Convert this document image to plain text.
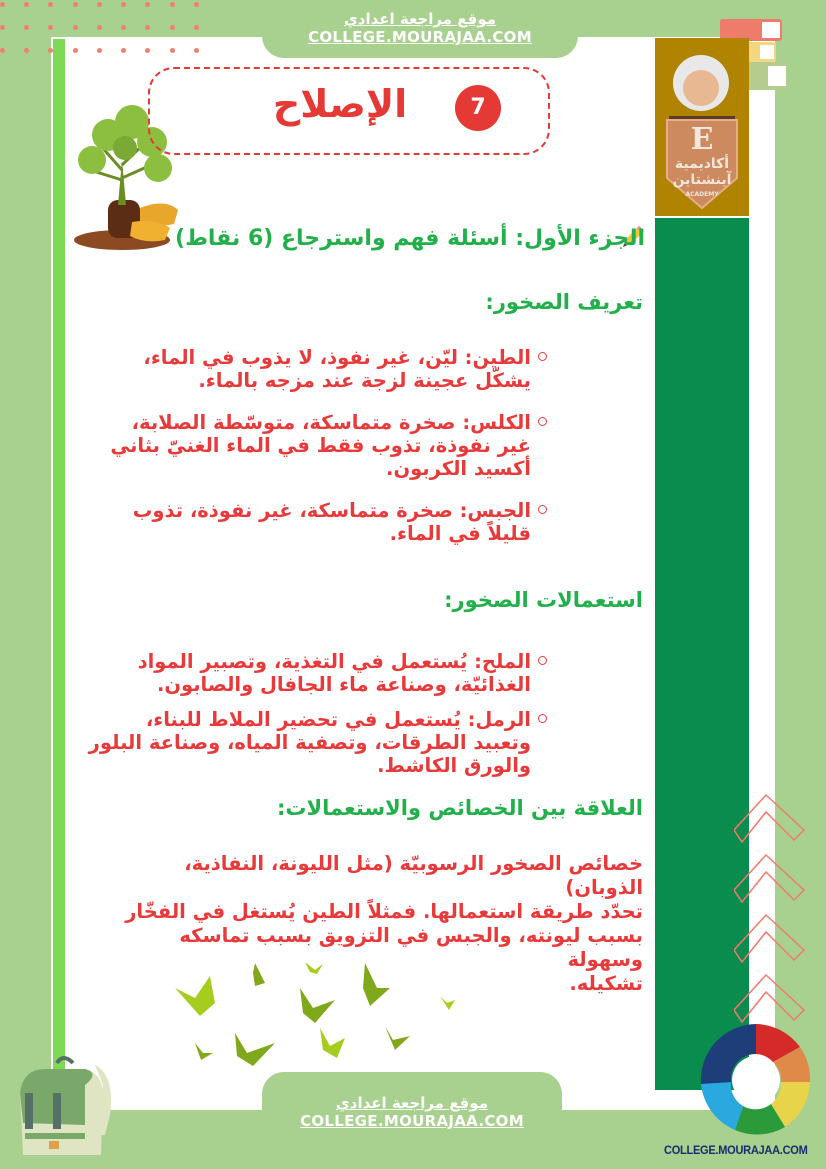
موقع مراجعة اعدادي
COLLEGE.MOURAJAA.COM
الإصلاح	7
E
أكاديمية
آينشتاين
ACADEMY
الجزء الأول: أسئلة فهم واسترجاع (6 نقاط)
تعريف الصخور:
الطين: ليّن، غير نفوذ، لا يذوب في الماء،
يشكّل عجينة لزجة عند مزجه بالماء.
الكلس: صخرة متماسكة، متوسّطة الصلابة،
غير نفوذة، تذوب فقط في الماء الغنيّ بثاني
أكسيد الكربون.
الجبس: صخرة متماسكة، غير نفوذة، تذوب
قليلاً في الماء.
استعمالات الصخور:
الملح: يُستعمل في التغذية، وتصبير المواد
الغذائيّة، وصناعة ماء الجافال والصابون.
الرمل: يُستعمل في تحضير الملاط للبناء،
وتعبيد الطرقات، وتصفية المياه، وصناعة البلور
والورق الكاشط.
العلاقة بين الخصائص والاستعمالات:
خصائص الصخور الرسوبيّة (مثل الليونة، النفاذية، الذوبان)
تحدّد طريقة استعمالها. فمثلاً الطين يُستغل في الفخّار
بسبب ليونته، والجبس في التزويق بسبب تماسكه وسهولة
تشكيله.
موقع مراجعة اعدادي
COLLEGE.MOURAJAA.COM
COLLEGE.MOURAJAA.COM
